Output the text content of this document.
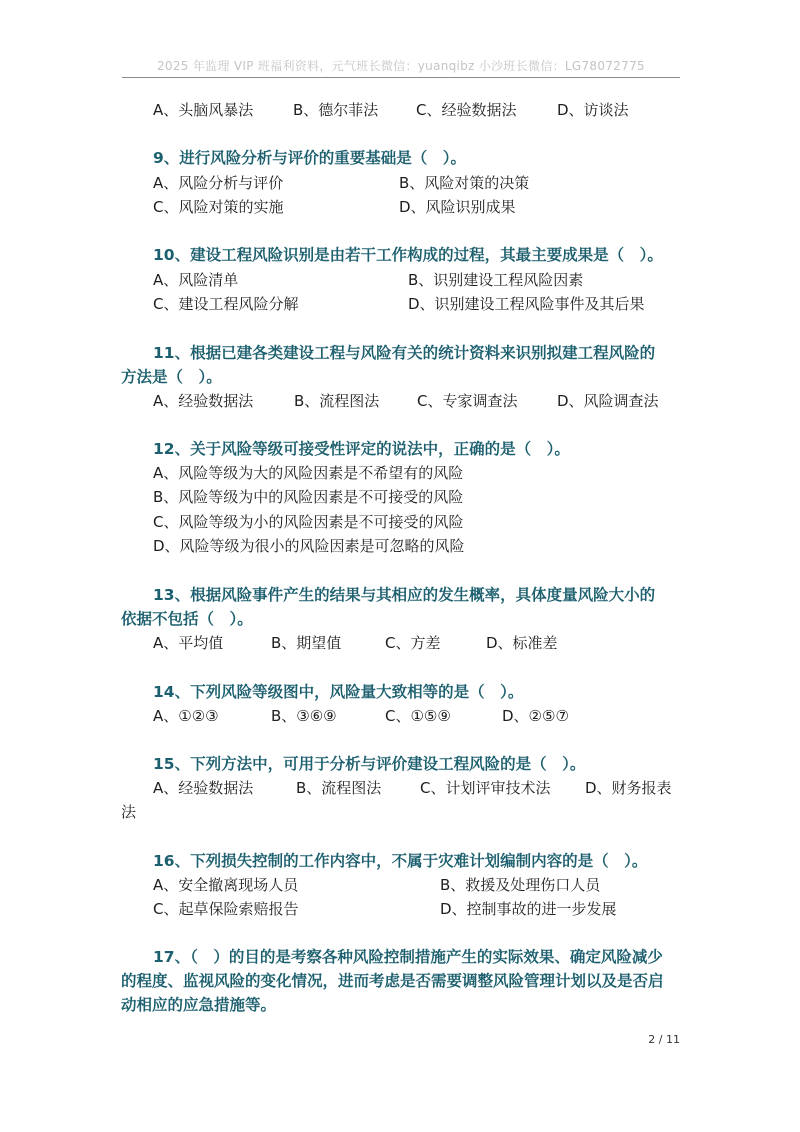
2025 年监理 VIP 班福利资料，元气班长微信：yuanqibz 小沙班长微信：LG78072775
A、头脑风暴法	B、德尔菲法	C、经验数据法	D、访谈法
9、进行风险分析与评价的重要基础是（　）。
A、风险分析与评价	B、风险对策的决策
C、风险对策的实施	D、风险识别成果
10、建设工程风险识别是由若干工作构成的过程，其最主要成果是（　）。
A、风险清单	B、识别建设工程风险因素
C、建设工程风险分解	D、识别建设工程风险事件及其后果
11、根据已建各类建设工程与风险有关的统计资料来识别拟建工程风险的
方法是（　）。
A、经验数据法	B、流程图法	C、专家调查法	D、风险调查法
12、关于风险等级可接受性评定的说法中，正确的是（　）。
A、风险等级为大的风险因素是不希望有的风险
B、风险等级为中的风险因素是不可接受的风险
C、风险等级为小的风险因素是不可接受的风险
D、风险等级为很小的风险因素是可忽略的风险
13、根据风险事件产生的结果与其相应的发生概率，具体度量风险大小的
依据不包括（　）。
A、平均值	B、期望值	C、方差	D、标准差
14、下列风险等级图中，风险量大致相等的是（　）。
A、①②③	B、③⑥⑨	C、①⑤⑨	D、②⑤⑦
15、下列方法中，可用于分析与评价建设工程风险的是（　）。
A、经验数据法	B、流程图法	C、计划评审技术法 D、财务报表
法
16、下列损失控制的工作内容中，不属于灾难计划编制内容的是（　）。
A、安全撤离现场人员	B、救援及处理伤口人员
C、起草保险索赔报告	D、控制事故的进一步发展
17、（　）的目的是考察各种风险控制措施产生的实际效果、确定风险减少
的程度、监视风险的变化情况，进而考虑是否需要调整风险管理计划以及是否启
动相应的应急措施等。
2 / 11
